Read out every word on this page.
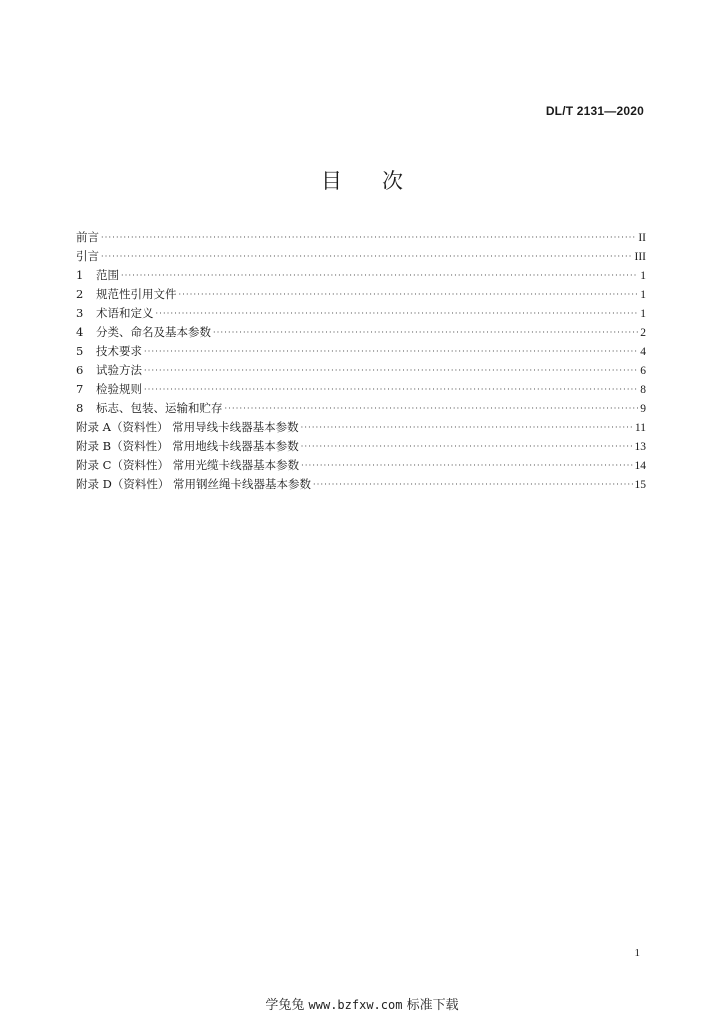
DL/T 2131—2020
目 次
前言 ·····	II
引言 ·····	III
1	范围 ·····	1
2	规范性引用文件 ·····	1
3	术语和定义 ·····	1
4	分类、命名及基本参数 ·····	2
5	技术要求 ·····	4
6	试验方法 ·····	6
7	检验规则 ·····	8
8	标志、包装、运输和贮存 ·····	9
附录 A（资料性） 常用导线卡线器基本参数 ·····	11
附录 B（资料性） 常用地线卡线器基本参数 ·····	13
附录 C（资料性） 常用光缆卡线器基本参数 ·····	14
附录 D（资料性） 常用钢丝绳卡线器基本参数 ·····	15
1
学兔兔 www.bzfxw.com 标准下载
